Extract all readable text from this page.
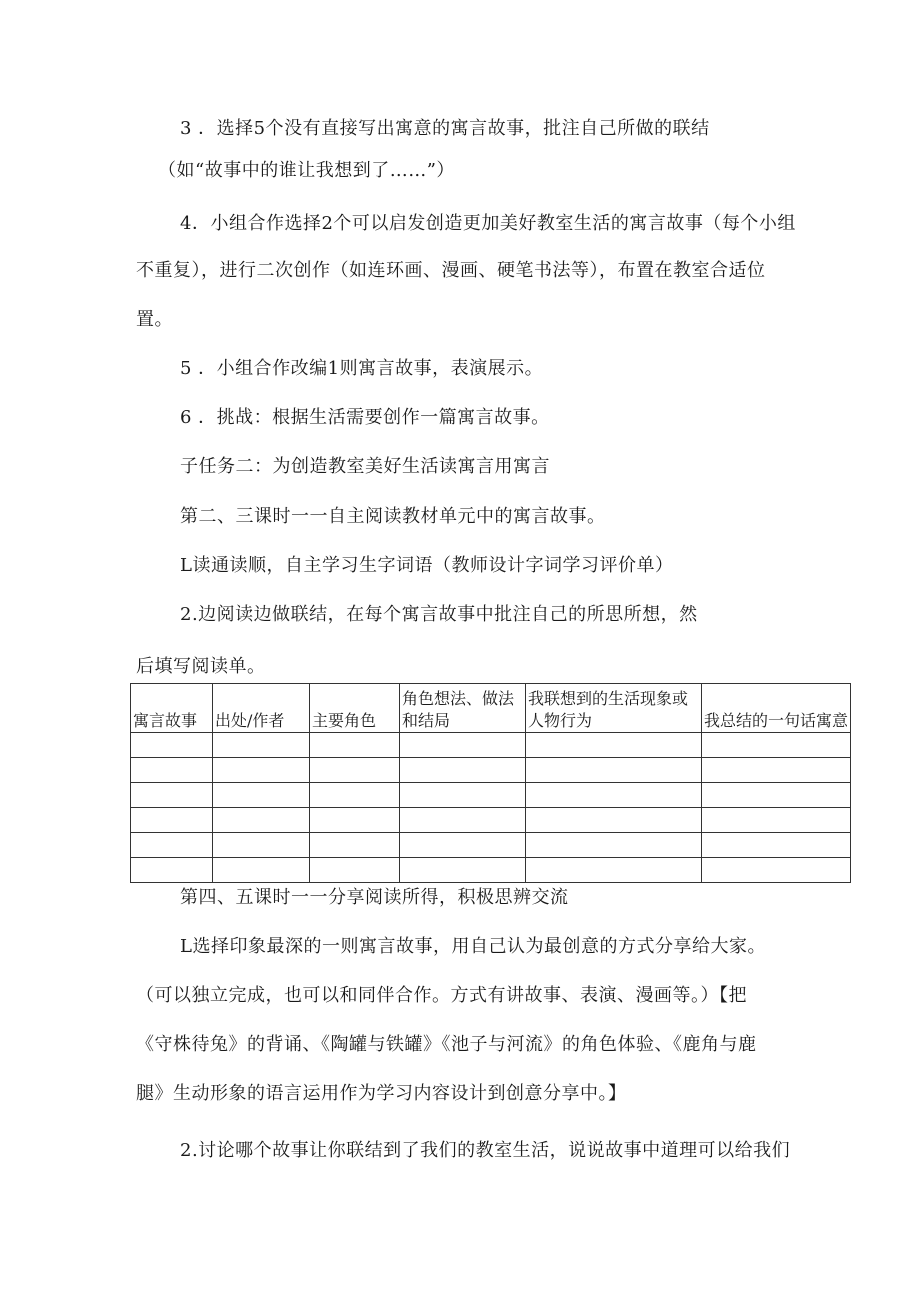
3 ．选择5个没有直接写出寓意的寓言故事，批注自己所做的联结
（如“故事中的谁让我想到了……”）
4．小组合作选择2个可以启发创造更加美好教室生活的寓言故事（每个小组
不重复），进行二次创作（如连环画、漫画、硬笔书法等），布置在教室合适位
置。
5 ．小组合作改编1则寓言故事，表演展示。
6 ．挑战：根据生活需要创作一篇寓言故事。
子任务二：为创造教室美好生活读寓言用寓言
第二、三课时一一自主阅读教材单元中的寓言故事。
L读通读顺，自主学习生字词语（教师设计字词学习评价单）
2.边阅读边做联结，在每个寓言故事中批注自己的所思所想，然
后填写阅读单。
寓言故事	出处/作者	主要角色	角色想法、做法和结局	我联想到的生活现象或人物行为	我总结的一句话寓意

第四、五课时一一分享阅读所得，积极思辨交流
L选择印象最深的一则寓言故事，用自己认为最创意的方式分享给大家。
（可以独立完成，也可以和同伴合作。方式有讲故事、表演、漫画等。）【把
《守株待兔》的背诵、《陶罐与铁罐》《池子与河流》的角色体验、《鹿角与鹿
腿》生动形象的语言运用作为学习内容设计到创意分享中。】
2.讨论哪个故事让你联结到了我们的教室生活，说说故事中道理可以给我们
